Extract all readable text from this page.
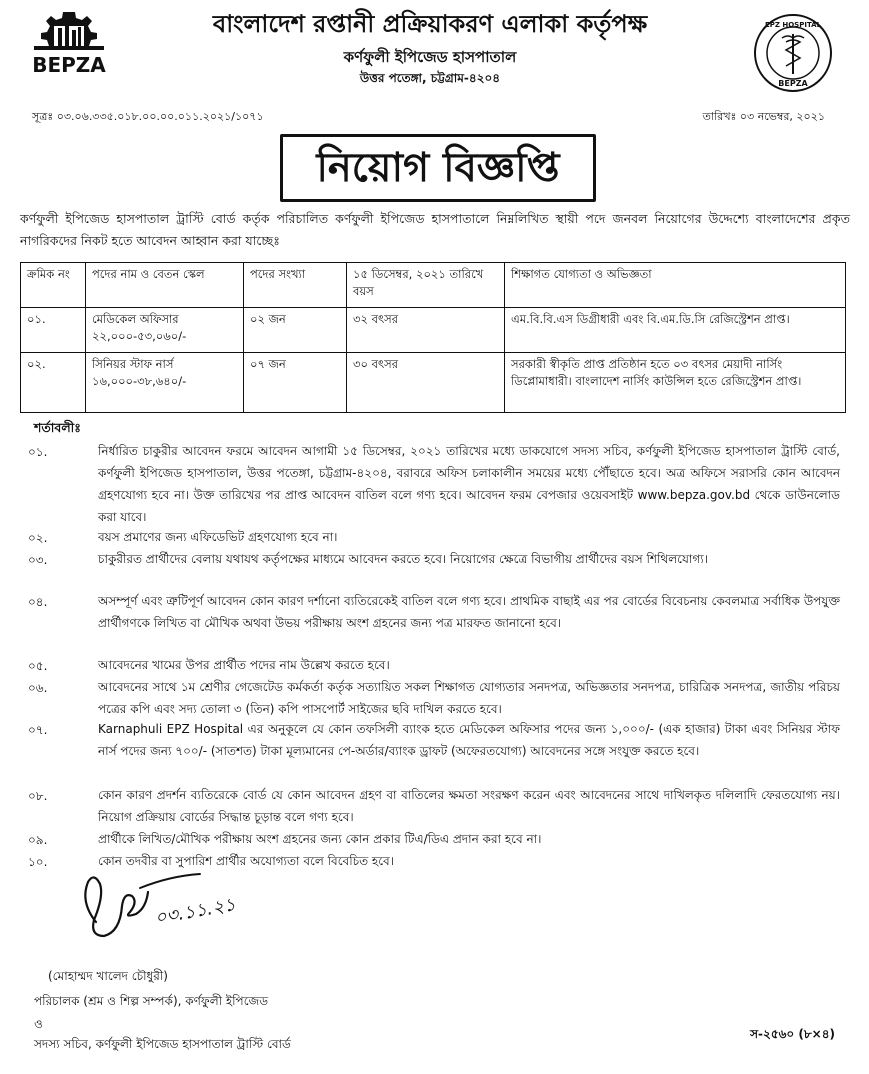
BEPZA
বাংলাদেশ রপ্তানী প্রক্রিয়াকরণ এলাকা কর্তৃপক্ষ
কর্ণফুলী ইপিজেড হাসপাতাল
উত্তর পতেঙ্গা, চট্টগ্রাম-৪২০৪
EPZ HOSPITAL
BEPZA
সূত্রঃ ০৩.০৬.৩৩৫.০১৮.০০.০০.০১১.২০২১/১০৭১	তারিখঃ ০৩ নভেম্বর, ২০২১
নিয়োগ বিজ্ঞপ্তি
কর্ণফুলী ইপিজেড হাসপাতাল ট্রাস্টি বোর্ড কর্তৃক পরিচালিত কর্ণফুলী ইপিজেড হাসপাতালে নিম্নলিখিত স্থায়ী পদে জনবল নিয়োগের উদ্দেশ্যে বাংলাদেশের প্রকৃত নাগরিকদের নিকট হতে আবেদন আহ্বান করা যাচ্ছেঃ
ক্রমিক নং	পদের নাম ও বেতন স্কেল	পদের সংখ্যা	১৫ ডিসেম্বর, ২০২১ তারিখে বয়স	শিক্ষাগত যোগ্যতা ও অভিজ্ঞতা
০১.	মেডিকেল অফিসার ২২,০০০-৫৩,০৬০/-	০২ জন	৩২ বৎসর	এম.বি.বি.এস ডিগ্রীধারী এবং বি.এম.ডি.সি রেজিস্ট্রেশন প্রাপ্ত।
০২.	সিনিয়র স্টাফ নার্স ১৬,০০০-৩৮,৬৪০/-	০৭ জন	৩০ বৎসর	সরকারী স্বীকৃতি প্রাপ্ত প্রতিষ্ঠান হতে ০৩ বৎসর মেয়াদী নার্সিং ডিপ্লোমাধারী। বাংলাদেশ নার্সিং কাউন্সিল হতে রেজিস্ট্রেশন প্রাপ্ত।
শর্তাবলীঃ
০১.	নির্ধারিত চাকুরীর আবেদন ফরমে আবেদন আগামী ১৫ ডিসেম্বর, ২০২১ তারিখের মধ্যে ডাকযোগে সদস্য সচিব, কর্ণফুলী ইপিজেড হাসপাতাল ট্রাস্টি বোর্ড, কর্ণফুলী ইপিজেড হাসপাতাল, উত্তর পতেঙ্গা, চট্টগ্রাম-৪২০৪, বরাবরে অফিস চলাকালীন সময়ের মধ্যে পৌঁছাতে হবে। অত্র অফিসে সরাসরি কোন আবেদন গ্রহণযোগ্য হবে না। উক্ত তারিখের পর প্রাপ্ত আবেদন বাতিল বলে গণ্য হবে। আবেদন ফরম বেপজার ওয়েবসাইট www.bepza.gov.bd থেকে ডাউনলোড করা যাবে।
০২.	বয়স প্রমাণের জন্য এফিডেভিট গ্রহণযোগ্য হবে না।
০৩.	চাকুরীরত প্রার্থীদের বেলায় যথাযথ কর্তৃপক্ষের মাধ্যমে আবেদন করতে হবে। নিয়োগের ক্ষেত্রে বিভাগীয় প্রার্থীদের বয়স শিথিলযোগ্য।
০৪.	অসম্পূর্ণ এবং ত্রুটিপূর্ণ আবেদন কোন কারণ দর্শানো ব্যতিরেকেই বাতিল বলে গণ্য হবে। প্রাথমিক বাছাই এর পর বোর্ডের বিবেচনায় কেবলমাত্র সর্বাধিক উপযুক্ত প্রার্থীগণকে লিখিত বা মৌখিক অথবা উভয় পরীক্ষায় অংশ গ্রহনের জন্য পত্র মারফত জানানো হবে।
০৫.	আবেদনের খামের উপর প্রার্থীত পদের নাম উল্লেখ করতে হবে।
০৬.	আবেদনের সাথে ১ম শ্রেণীর গেজেটেড কর্মকর্তা কর্তৃক সত্যায়িত সকল শিক্ষাগত যোগ্যতার সনদপত্র, অভিজ্ঞতার সনদপত্র, চারিত্রিক সনদপত্র, জাতীয় পরিচয় পত্রের কপি এবং সদ্য তোলা ৩ (তিন) কপি পাসপোর্ট সাইজের ছবি দাখিল করতে হবে।
০৭.	Karnaphuli EPZ Hospital এর অনুকূলে যে কোন তফসিলী ব্যাংক হতে মেডিকেল অফিসার পদের জন্য ১,০০০/- (এক হাজার) টাকা এবং সিনিয়র স্টাফ নার্স পদের জন্য ৭০০/- (সাতশত) টাকা মূল্যমানের পে-অর্ডার/ব্যাংক ড্রাফট (অফেরতযোগ্য) আবেদনের সঙ্গে সংযুক্ত করতে হবে।
০৮.	কোন কারণ প্রদর্শন ব্যতিরেকে বোর্ড যে কোন আবেদন গ্রহণ বা বাতিলের ক্ষমতা সংরক্ষণ করেন এবং আবেদনের সাথে দাখিলকৃত দলিলাদি ফেরতযোগ্য নয়। নিয়োগ প্রক্রিয়ায় বোর্ডের সিদ্ধান্ত চূড়ান্ত বলে গণ্য হবে।
০৯.	প্রার্থীকে লিখিত/মৌখিক পরীক্ষায় অংশ গ্রহনের জন্য কোন প্রকার টিএ/ডিএ প্রদান করা হবে না।
১০.	কোন তদবীর বা সুপারিশ প্রার্থীর অযোগ্যতা বলে বিবেচিত হবে।
০৩.১১.২১
(মোহাম্মদ খালেদ চৌধুরী)
পরিচালক (শ্রম ও শিল্প সম্পর্ক), কর্ণফুলী ইপিজেড
ও
সদস্য সচিব, কর্ণফুলী ইপিজেড হাসপাতাল ট্রাস্টি বোর্ড
স-২৫৬০ (৮×৪)
